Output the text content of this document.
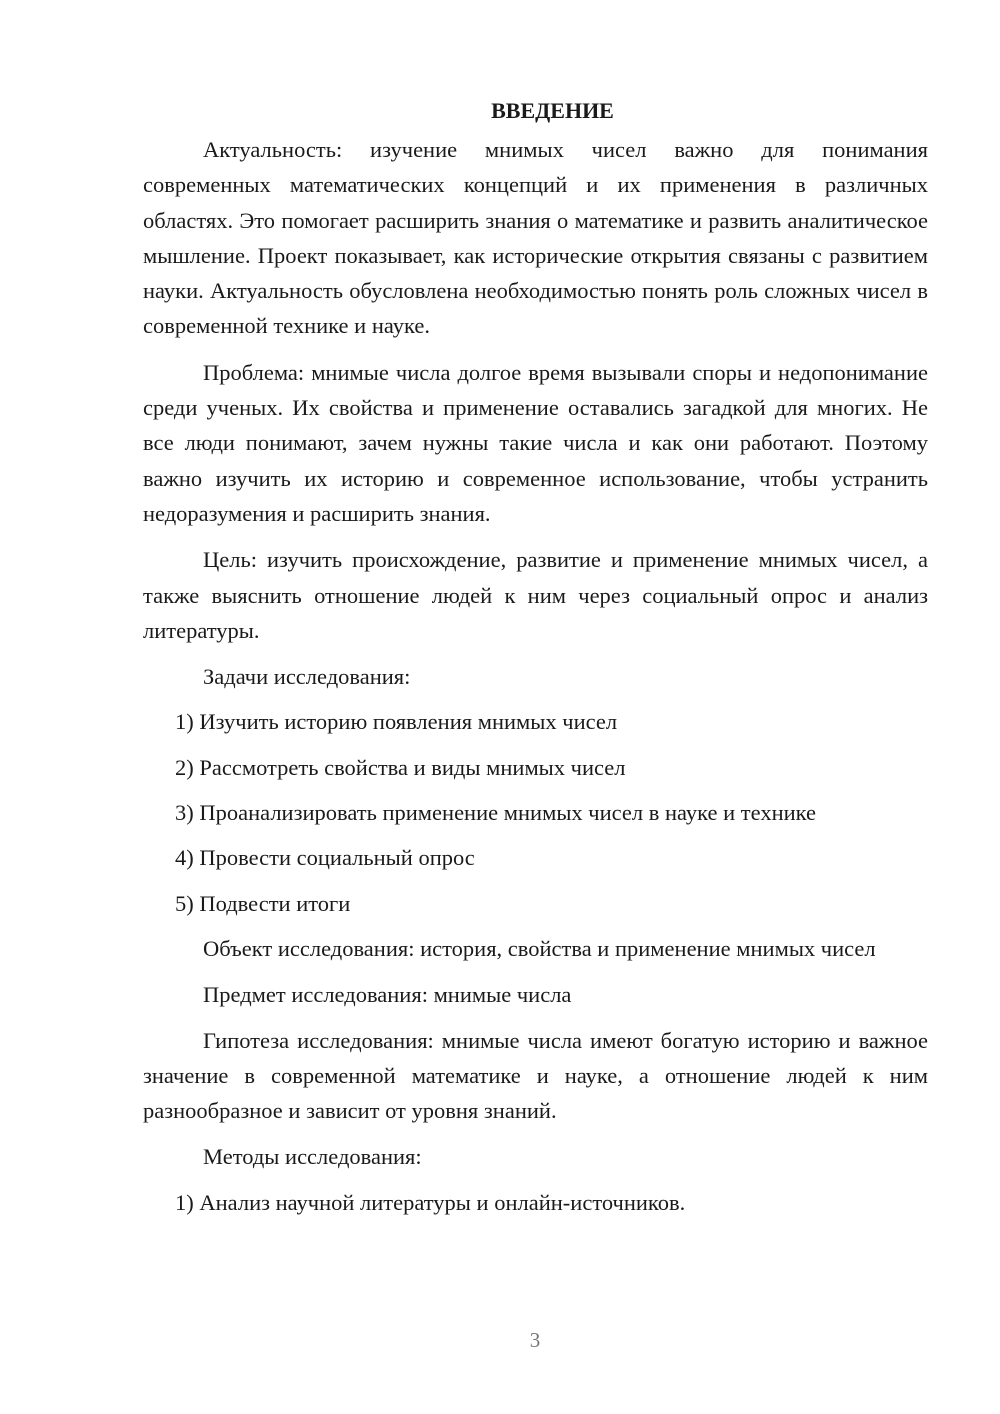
ВВЕДЕНИЕ

Актуальность: изучение мнимых чисел важно для понимания современных математических концепций и их применения в различных областях. Это помогает расширить знания о математике и развить аналитическое мышление. Проект показывает, как исторические открытия связаны с развитием науки. Актуальность обусловлена необходимостью понять роль сложных чисел в современной технике и науке.

Проблема: мнимые числа долгое время вызывали споры и недопонимание среди ученых. Их свойства и применение оставались загадкой для многих. Не все люди понимают, зачем нужны такие числа и как они работают. Поэтому важно изучить их историю и современное использование, чтобы устранить недоразумения и расширить знания.

Цель: изучить происхождение, развитие и применение мнимых чисел, а также выяснить отношение людей к ним через социальный опрос и анализ литературы.

Задачи исследования:

1) Изучить историю появления мнимых чисел

2) Рассмотреть свойства и виды мнимых чисел

3) Проанализировать применение мнимых чисел в науке и технике

4) Провести социальный опрос

5) Подвести итоги

Объект исследования: история, свойства и применение мнимых чисел

Предмет исследования: мнимые числа

Гипотеза исследования: мнимые числа имеют богатую историю и важное значение в современной математике и науке, а отношение людей к ним разнообразное и зависит от уровня знаний.

Методы исследования:

1) Анализ научной литературы и онлайн-источников.

3
